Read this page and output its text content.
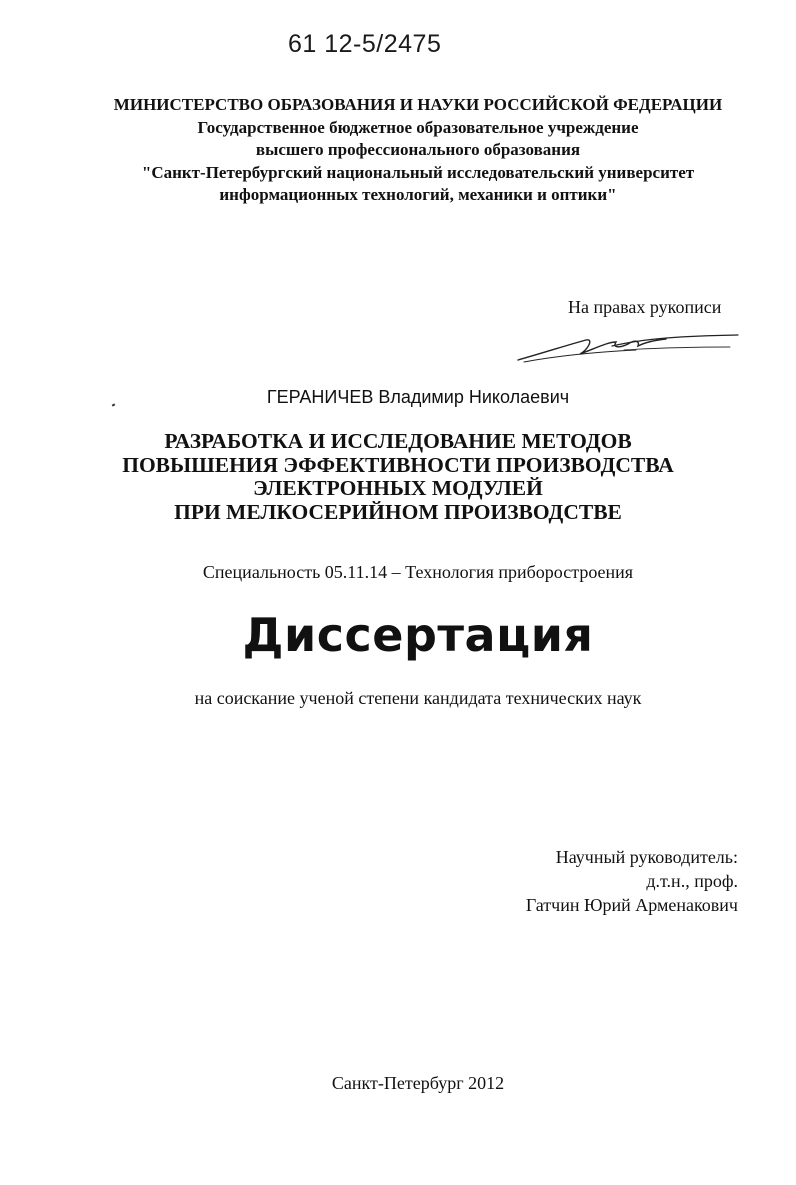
61 12-5/2475
МИНИСТЕРСТВО ОБРАЗОВАНИЯ И НАУКИ РОССИЙСКОЙ ФЕДЕРАЦИИ
Государственное бюджетное образовательное учреждение
высшего профессионального образования
"Санкт-Петербургский национальный исследовательский университет
информационных технологий, механики и оптики"
На правах рукописи
ГЕРАНИЧЕВ Владимир Николаевич
РАЗРАБОТКА И ИССЛЕДОВАНИЕ МЕТОДОВ
ПОВЫШЕНИЯ ЭФФЕКТИВНОСТИ ПРОИЗВОДСТВА
ЭЛЕКТРОННЫХ МОДУЛЕЙ
ПРИ МЕЛКОСЕРИЙНОМ ПРОИЗВОДСТВЕ
Специальность 05.11.14 – Технология приборостроения
Диссертация
на соискание ученой степени кандидата технических наук
Научный руководитель:
д.т.н., проф.
Гатчин Юрий Арменакович
Санкт-Петербург 2012
